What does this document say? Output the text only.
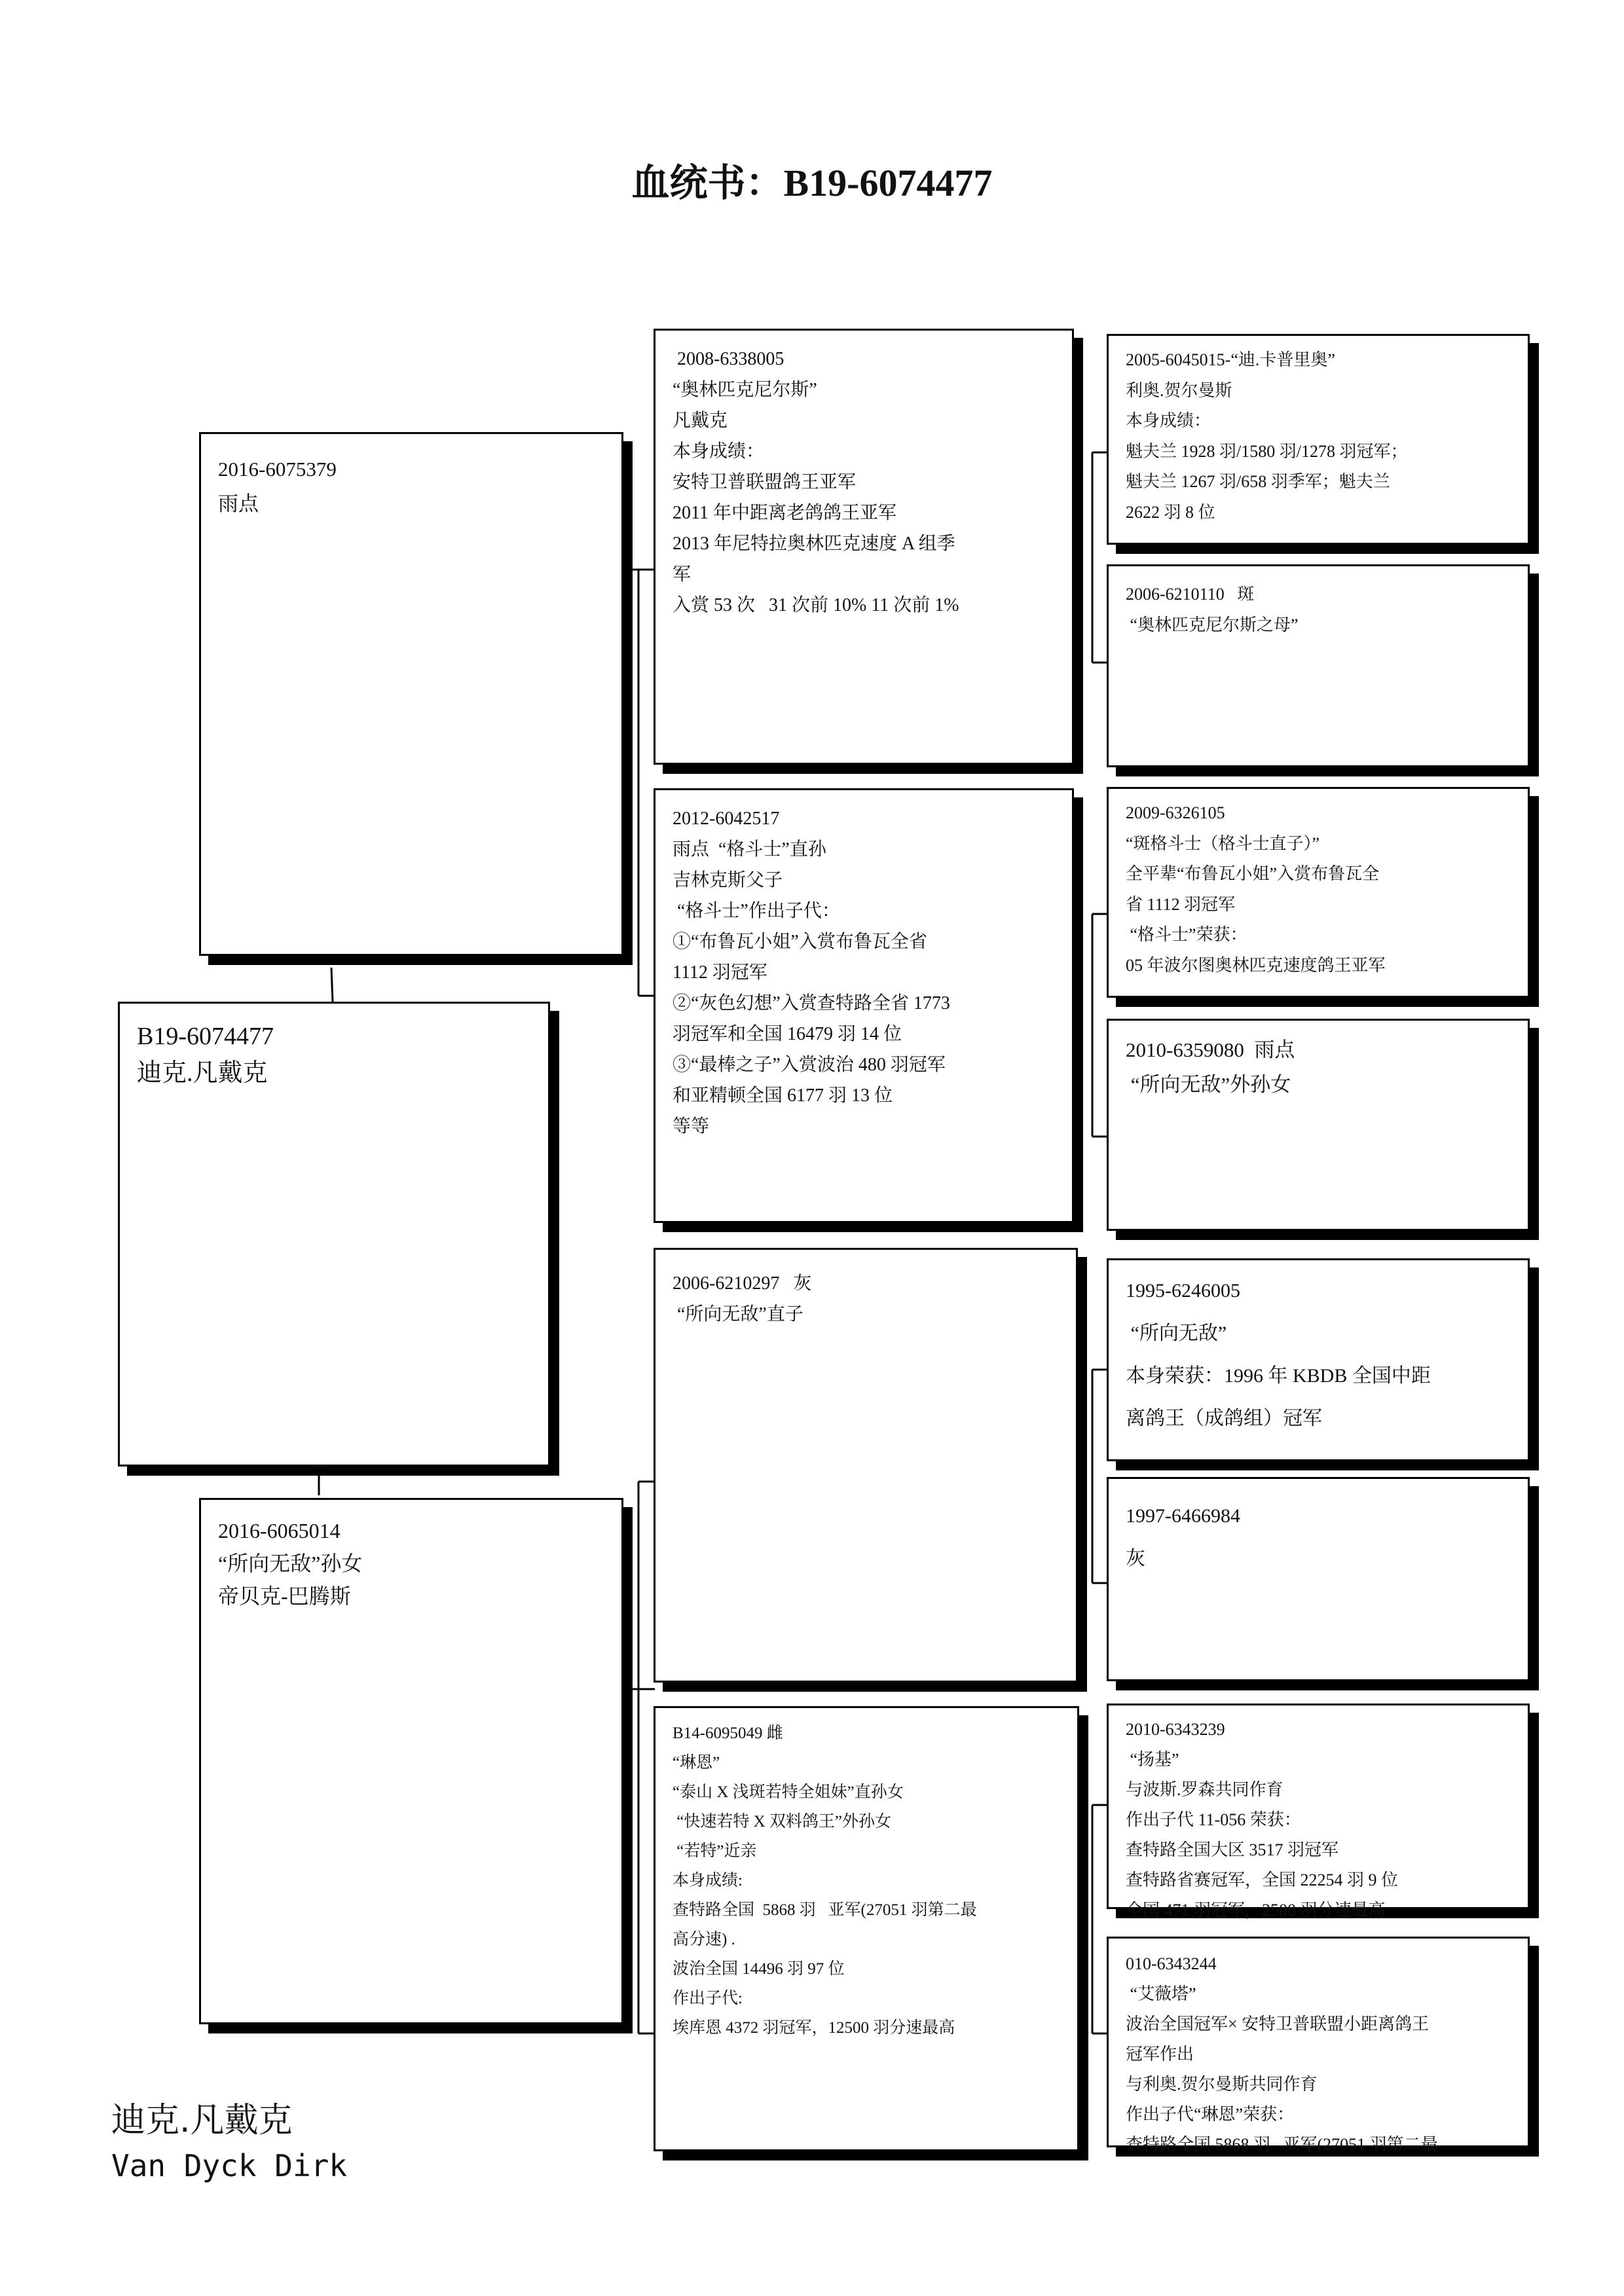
血统书：B19-6074477
B19-6074477
迪克.凡戴克
2016-6075379
雨点
2016-6065014
“所向无敌”孙女
帝贝克-巴腾斯
2008-6338005
“奥林匹克尼尔斯”
凡戴克
本身成绩：
安特卫普联盟鸽王亚军
2011 年中距离老鸽鸽王亚军
2013 年尼特拉奥林匹克速度 A 组季
军
入赏 53 次   31 次前 10% 11 次前 1%
2012-6042517
雨点  “格斗士”直孙
吉林克斯父子
“格斗士”作出子代：
①“布鲁瓦小姐”入赏布鲁瓦全省
1112 羽冠军
②“灰色幻想”入赏查特路全省 1773
羽冠军和全国 16479 羽 14 位
③“最棒之子”入赏波治 480 羽冠军
和亚精顿全国 6177 羽 13 位
等等
2006-6210297   灰
“所向无敌”直子
B14-6095049 雌
“琳恩”
“泰山 X 浅斑若特全姐妹”直孙女
“快速若特 X 双料鸽王”外孙女
“若特”近亲
本身成绩:
查特路全国  5868 羽   亚军(27051 羽第二最
高分速) .
波治全国 14496 羽 97 位
作出子代:
埃库恩 4372 羽冠军，12500 羽分速最高
2005-6045015-“迪.卡普里奥”
利奥.贺尔曼斯
本身成绩：
魁夫兰 1928 羽/1580 羽/1278 羽冠军；
魁夫兰 1267 羽/658 羽季军；魁夫兰
2622 羽 8 位
2006-6210110   斑
“奥林匹克尼尔斯之母”
2009-6326105
“斑格斗士（格斗士直子）”
全平辈“布鲁瓦小姐”入赏布鲁瓦全
省 1112 羽冠军
“格斗士”荣获：
05 年波尔图奥林匹克速度鸽王亚军
2010-6359080  雨点
“所向无敌”外孙女
1995-6246005
“所向无敌”
本身荣获：1996 年 KBDB 全国中距
离鸽王（成鸽组）冠军
1997-6466984
灰
2010-6343239
“扬基”
与波斯.罗森共同作育
作出子代 11-056 荣获：
查特路全国大区 3517 羽冠军
查特路省赛冠军，全国 22254 羽 9 位
全国 471 羽冠军，2500 羽分速最高
010-6343244
“艾薇塔”
波治全国冠军× 安特卫普联盟小距离鸽王
冠军作出
与利奥.贺尔曼斯共同作育
作出子代“琳恩”荣获：
查特路全国 5868 羽   亚军(27051 羽第二最
迪克.凡戴克
Van Dyck Dirk
